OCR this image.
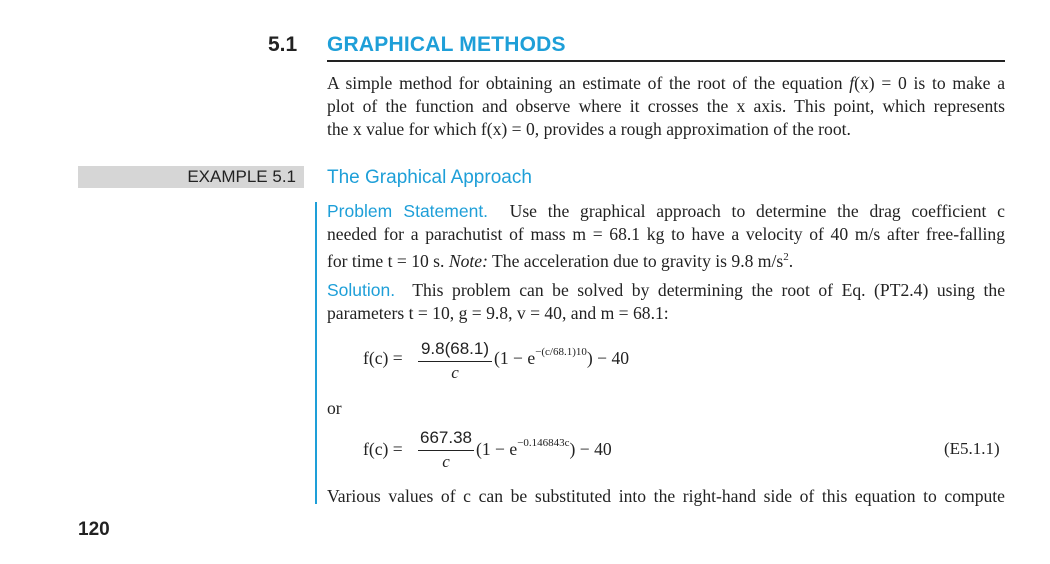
5.1 GRAPHICAL METHODS
A simple method for obtaining an estimate of the root of the equation f(x) = 0 is to make a
plot of the function and observe where it crosses the x axis. This point, which represents
the x value for which f(x) = 0, provides a rough approximation of the root.
EXAMPLE 5.1 The Graphical Approach
Problem Statement. Use the graphical approach to determine the drag coefficient c
needed for a parachutist of mass m = 68.1 kg to have a velocity of 40 m/s after free-falling
for time t = 10 s. Note: The acceleration due to gravity is 9.8 $m/s^2$.
Solution. This problem can be solved by determining the root of Eq. (PT2.4) using the
parameters t = 10, g = 9.8, v = 40, and m = 68.1:
f(c) = 9.8(68.1)
c
$(1 - e^{-(c/68.1)10}) - 40$
or
f(c) =
667.38
c
$(1 - e^{-0.146843c}) - 40$	(E5.1.1)
Various values of c can be substituted into the right-hand side of this equation to compute
120
